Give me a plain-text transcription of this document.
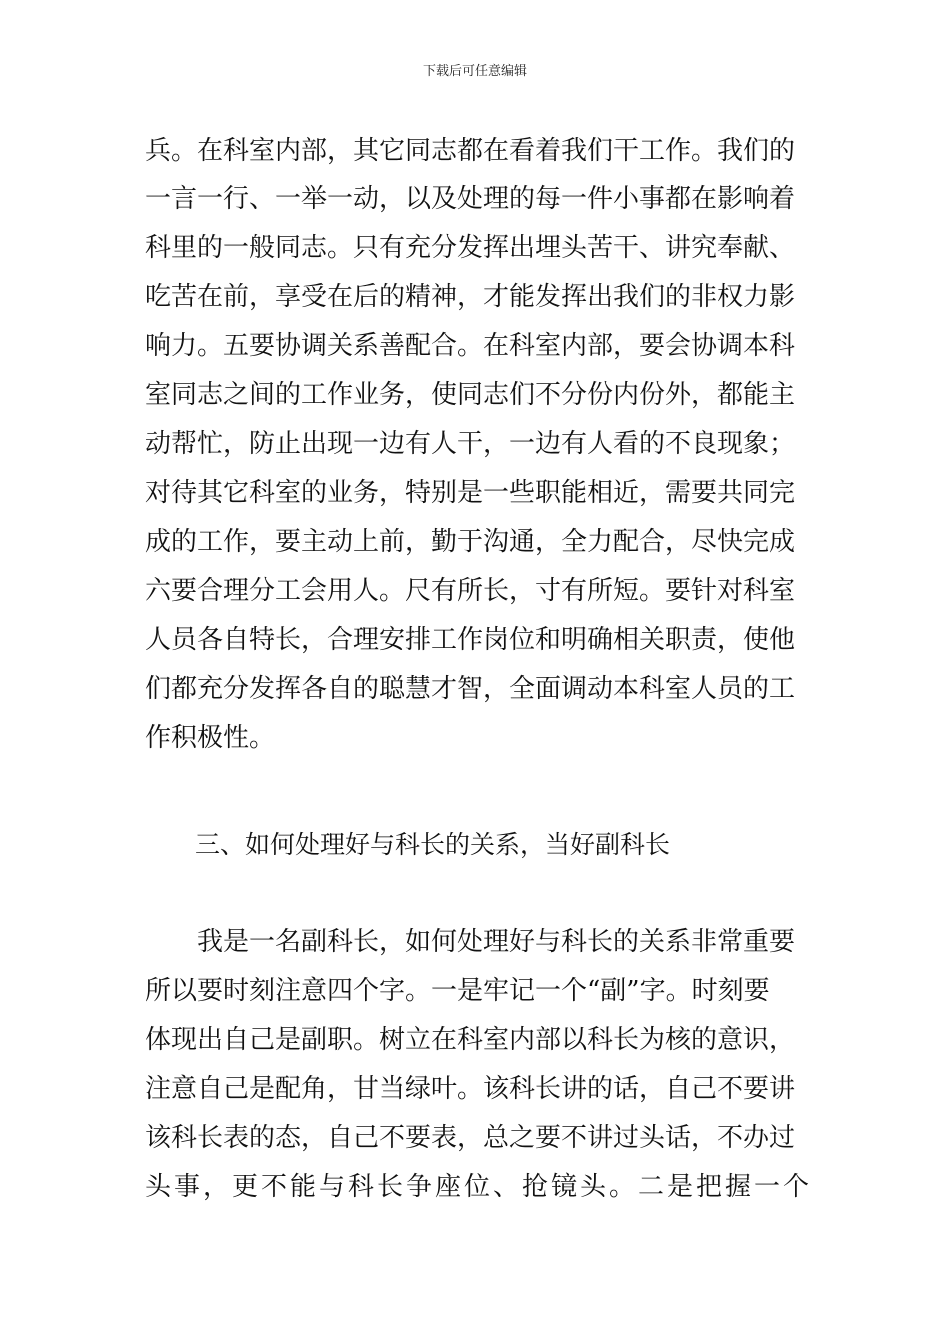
下载后可任意编辑
兵。在科室内部，其它同志都在看着我们干工作。我们的
一言一行、一举一动，以及处理的每一件小事都在影响着
科里的一般同志。只有充分发挥出埋头苦干、讲究奉献、
吃苦在前，享受在后的精神，才能发挥出我们的非权力影
响力。五要协调关系善配合。在科室内部，要会协调本科
室同志之间的工作业务，使同志们不分份内份外，都能主
动帮忙，防止出现一边有人干，一边有人看的不良现象；
对待其它科室的业务，特别是一些职能相近，需要共同完
成的工作，要主动上前，勤于沟通，全力配合，尽快完成
六要合理分工会用人。尺有所长，寸有所短。要针对科室
人员各自特长，合理安排工作岗位和明确相关职责，使他
们都充分发挥各自的聪慧才智，全面调动本科室人员的工
作积极性。
三、如何处理好与科长的关系，当好副科长
我是一名副科长，如何处理好与科长的关系非常重要
所以要时刻注意四个字。一是牢记一个“副”字。时刻要
体现出自己是副职。树立在科室内部以科长为核的意识，
注意自己是配角，甘当绿叶。该科长讲的话，自己不要讲
该科长表的态，自己不要表，总之要不讲过头话，不办过
头事，更不能与科长争座位、抢镜头。二是把握一个
